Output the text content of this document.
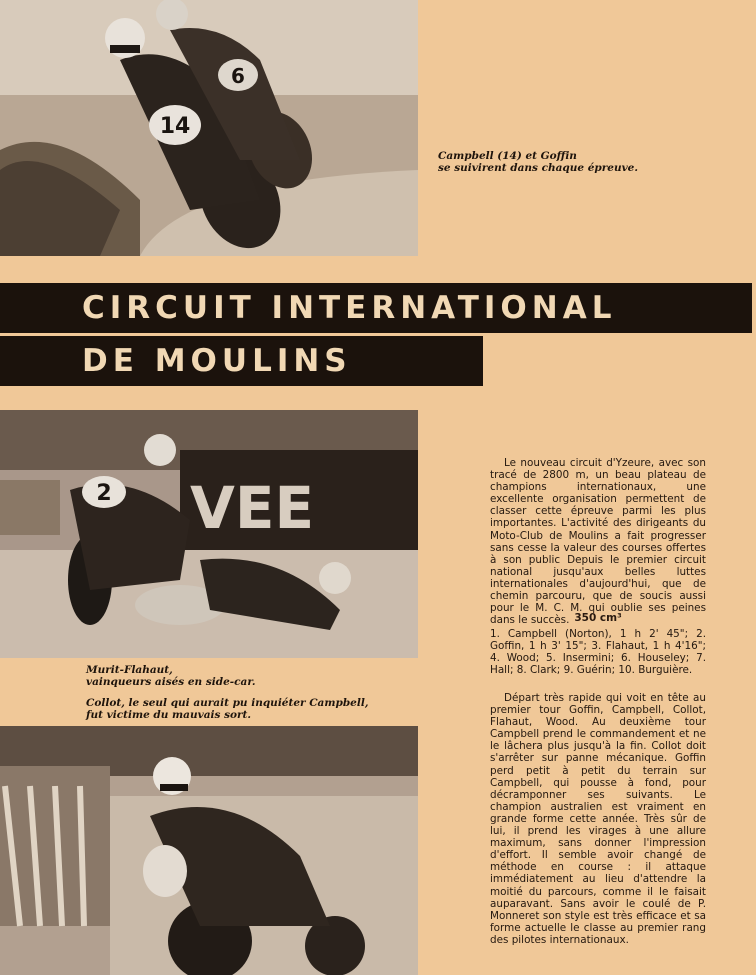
14
6
Campbell (14) et Goffin
se suivirent dans chaque épreuve.
CIRCUIT INTERNATIONAL
DE MOULINS
VEE
2
Murit-Flahaut,
vainqueurs aisés en side-car.
Collot, le seul qui aurait pu inquiéter Campbell,
fut victime du mauvais sort.
Le nouveau circuit d'Yzeure, avec son tracé de 2800 m, un beau plateau de champions internationaux, une excellente organisation permettent de classer cette épreuve parmi les plus importantes. L'activité des dirigeants du Moto-Club de Moulins a fait progresser sans cesse la valeur des courses offertes à son public Depuis le premier circuit national jusqu'aux belles luttes internationales d'aujourd'hui, que de chemin parcouru, que de soucis aussi pour le M. C. M. qui oublie ses peines dans le succès. 350 cm³
1. Campbell (Norton), 1 h 2' 45"; 2. Goffin, 1 h 3' 15"; 3. Flahaut, 1 h 4'16"; 4. Wood; 5. Insermini; 6. Houseley; 7. Hall; 8. Clark; 9. Guérin; 10. Burguière.
Départ très rapide qui voit en tête au premier tour Goffin, Campbell, Collot, Flahaut, Wood. Au deuxième tour Campbell prend le commandement et ne le lâchera plus jusqu'à la fin. Collot doit s'arrêter sur panne mécanique. Goffin perd petit à petit du terrain sur Campbell, qui pousse à fond, pour décramponner ses suivants. Le champion australien est vraiment en grande forme cette année. Très sûr de lui, il prend les virages à une allure maximum, sans donner l'impression d'effort. Il semble avoir changé de méthode en course : il attaque immédiatement au lieu d'attendre la moitié du parcours, comme il le faisait auparavant. Sans avoir le coulé de P. Monneret son style est très efficace et sa forme actuelle le classe au premier rang des pilotes internationaux.
